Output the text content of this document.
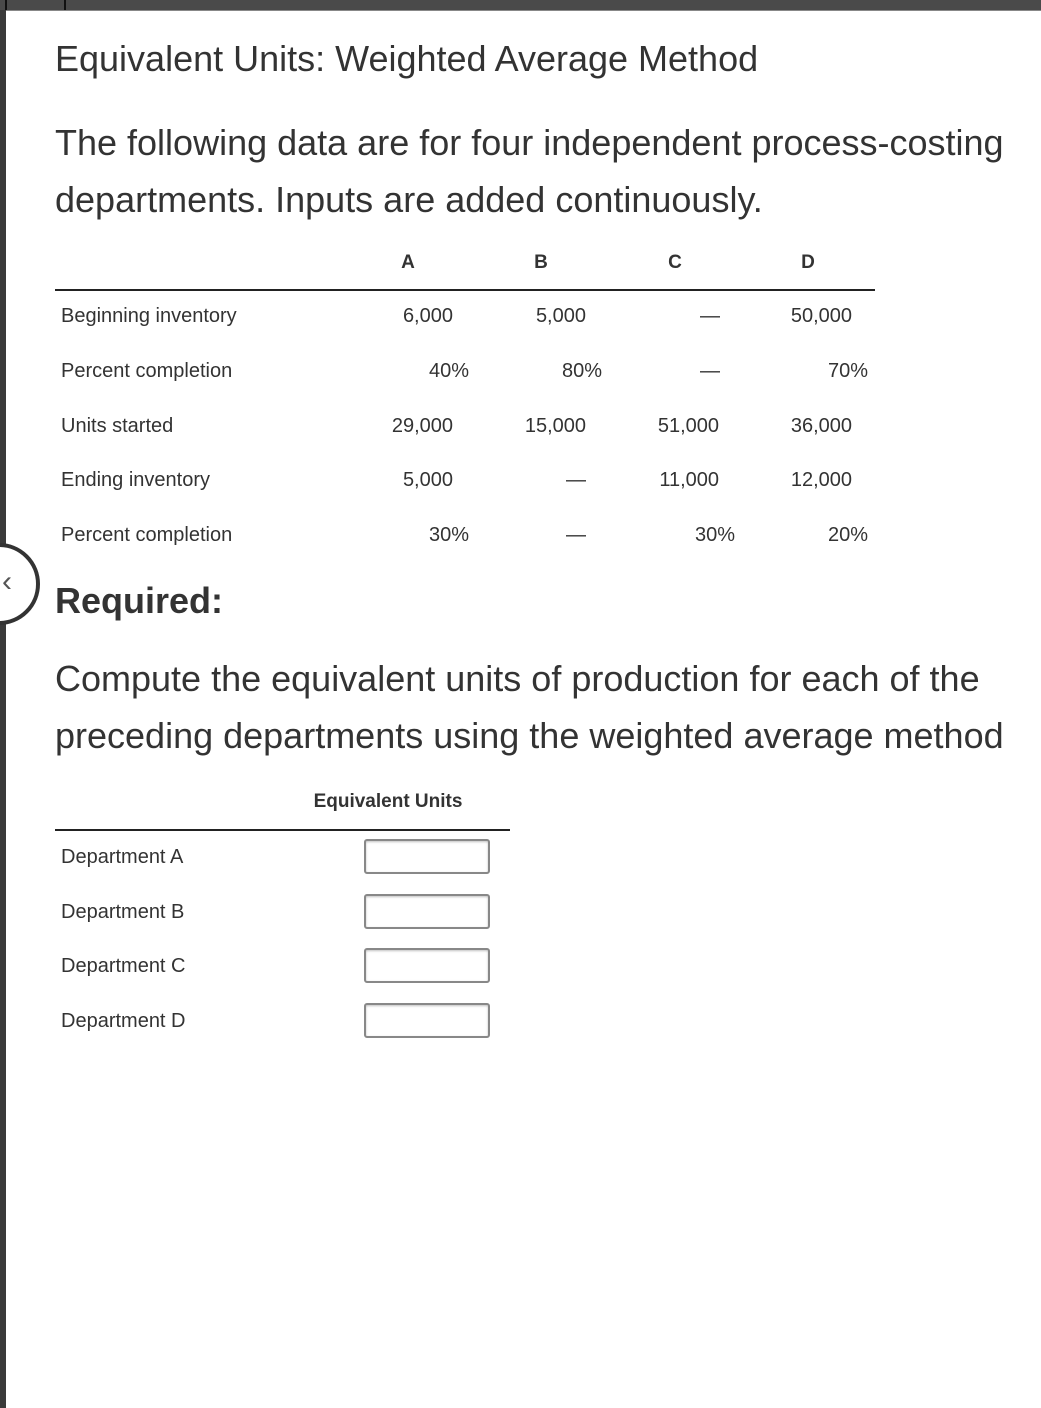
‹
Equivalent Units: Weighted Average Method
The following data are for four independent process-costing
departments. Inputs are added continuously.
A	B	C	D
Beginning inventory	6,000	5,000	—	50,000
Percent completion	40%	80%	—	70%
Units started	29,000	15,000	51,000	36,000
Ending inventory	5,000	—	11,000	12,000
Percent completion	30%	—	30%	20%
Required:
Compute the equivalent units of production for each of the
preceding departments using the weighted average method
Equivalent Units
Department A
Department B
Department C
Department D
